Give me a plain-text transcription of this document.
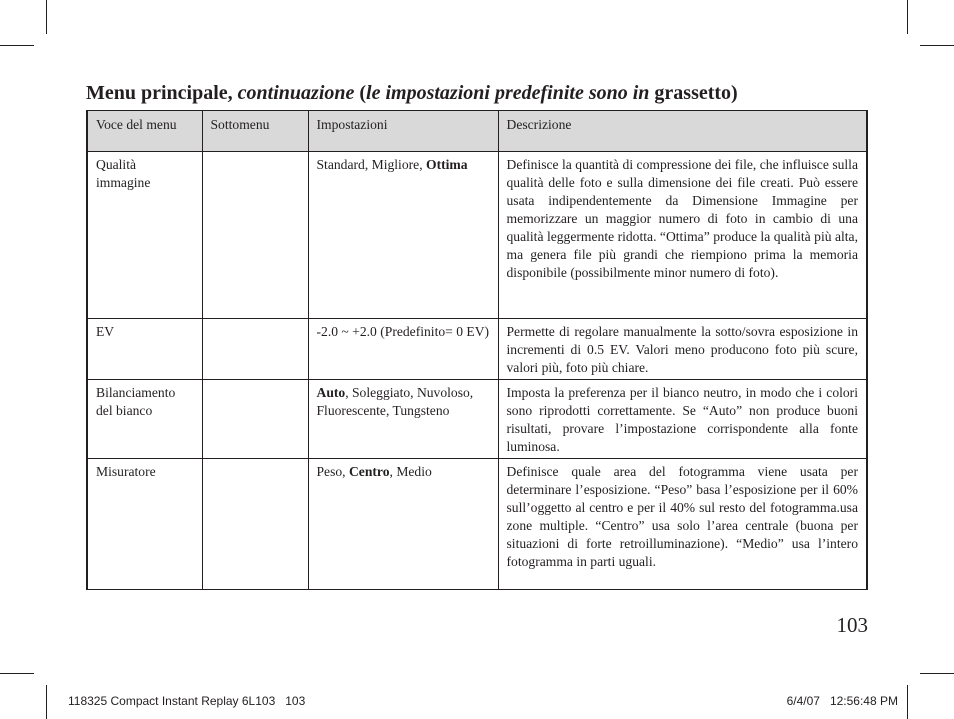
Menu principale, continuazione (le impostazioni predefinite sono in grassetto)
Voce del menu	Sottomenu	Impostazioni	Descrizione
Qualità immagine		Standard, Migliore, Ottima	Definisce la quantità di compressione dei file, che influisce sulla qualità delle foto e sulla dimensione dei file creati. Può essere usata indipendentemente da Dimensione Immagine per memorizzare un maggior numero di foto in cambio di una qualità leggermente ridotta. “Ottima” produce la qualità più alta, ma genera file più grandi che riempiono prima la memoria disponibile (possibilmente minor numero di foto).
EV		-2.0 ~ +2.0 (Predefinito= 0 EV)	Permette di regolare manualmente la sotto/sovra esposizione in incrementi di 0.5 EV. Valori meno producono foto più scure, valori più, foto più chiare.
Bilanciamento del bianco		Auto, Soleggiato, Nuvoloso, Fluorescente, Tungsteno	Imposta la preferenza per il bianco neutro, in modo che i colori sono riprodotti correttamente. Se “Auto” non produce buoni risultati, provare l’impostazione corrispondente alla fonte luminosa.
Misuratore		Peso, Centro, Medio	Definisce quale area del fotogramma viene usata per determinare l’esposizione. “Peso” basa l’esposizione per il 60% sull’oggetto al centro e per il 40% sul resto del fotogramma.usa zone multiple. “Centro” usa solo l’area centrale (buona per situazioni di forte retroilluminazione). “Medio” usa l’intero fotogramma in parti uguali.
103
118325 Compact Instant Replay 6L103   103	6/4/07   12:56:48 PM
